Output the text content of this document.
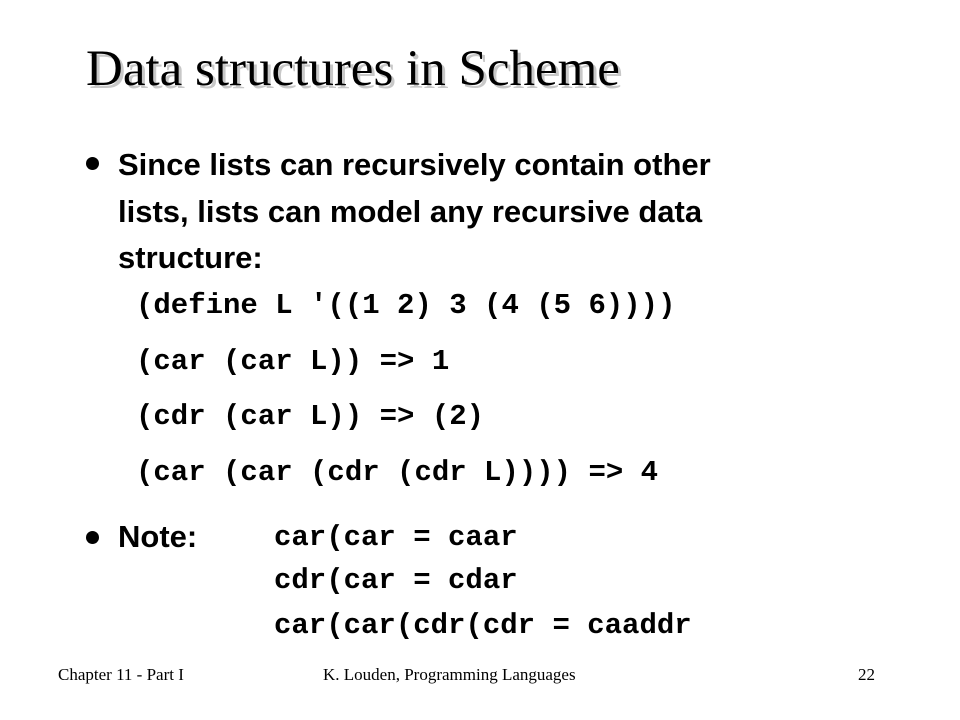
Data structures in Scheme
Since lists can recursively contain other
lists, lists can model any recursive data
structure:
(define L '((1 2) 3 (4 (5 6))))
(car (car L)) => 1
(cdr (car L)) => (2)
(car (car (cdr (cdr L)))) => 4
Note:	car(car = caar
cdr(car = cdar
car(car(cdr(cdr = caaddr
Chapter 11 - Part I	K. Louden, Programming Languages	22
